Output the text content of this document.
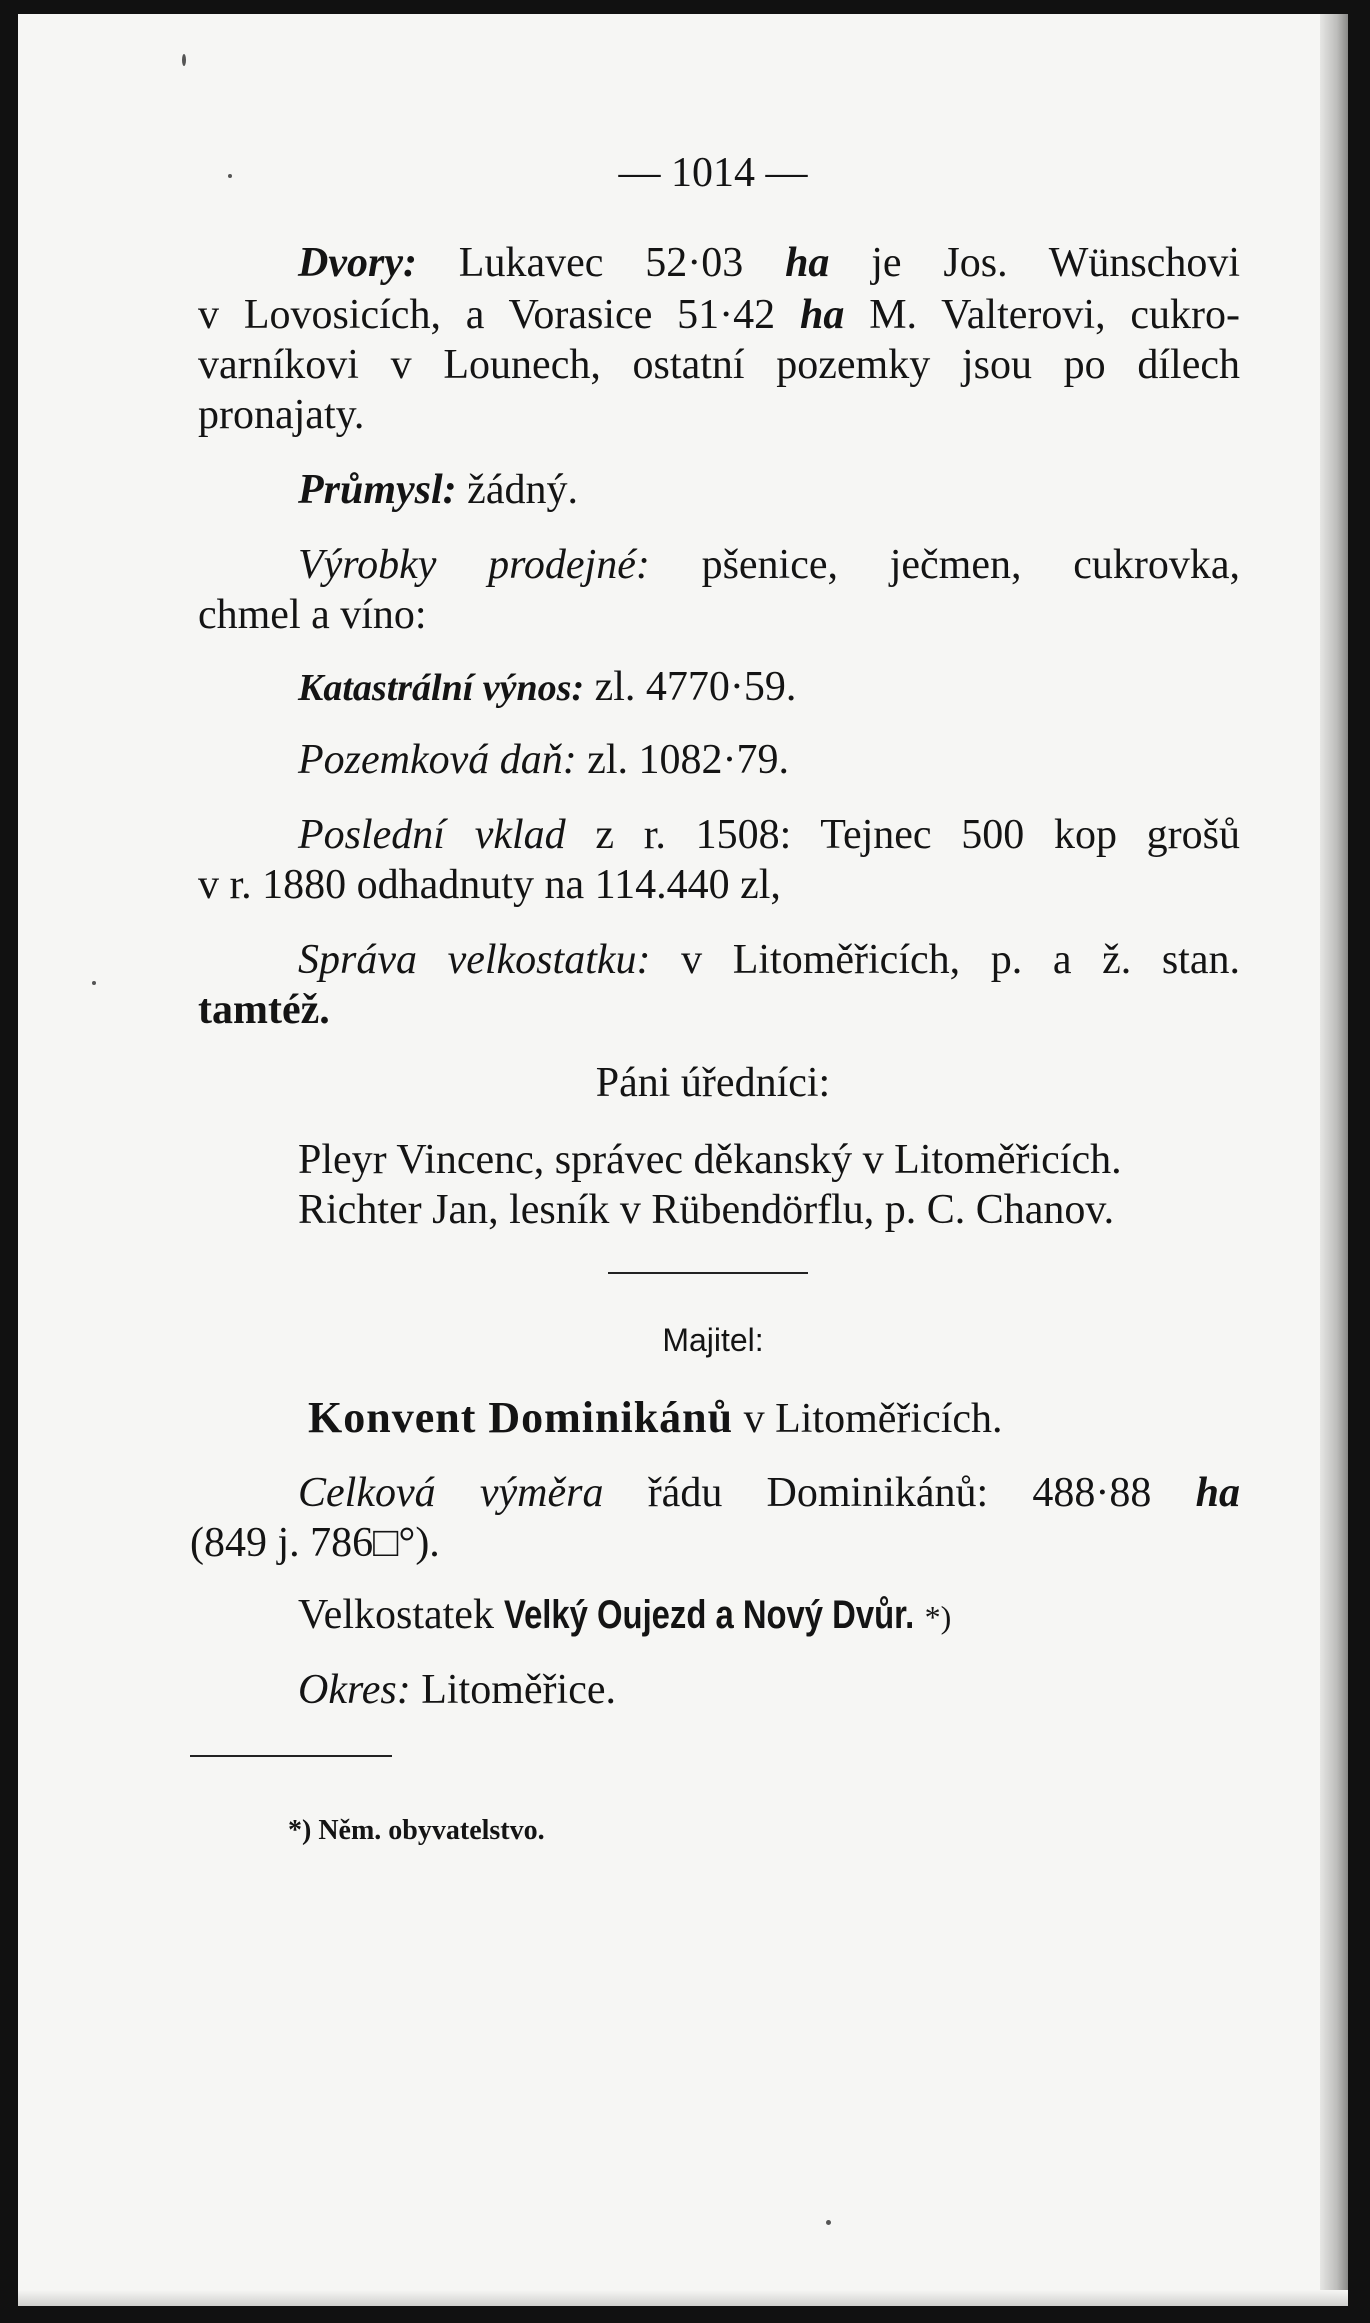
— 1014 —
Dvory: Lukavec 52·03 ha je Jos. Wünschovi
v Lovosicích, a Vorasice 51·42 ha M. Valterovi, cukro-
varníkovi v Lounech, ostatní pozemky jsou po dílech
pronajaty.
Průmysl: žádný.
Výrobky prodejné: pšenice, ječmen, cukrovka,
chmel a víno:
Katastrální výnos: zl. 4770·59.
Pozemková daň: zl. 1082·79.
Poslední vklad z r. 1508: Tejnec 500 kop grošů
v r. 1880 odhadnuty na 114.440 zl,
Správa velkostatku: v Litoměřicích, p. a ž. stan.
tamtéž.
Páni úředníci:
Pleyr Vincenc, správec děkanský v Litoměřicích.
Richter Jan, lesník v Rübendörflu, p. C. Chanov.
Majitel:
Konvent Dominikánů v Litoměřicích.
Celková výměra řádu Dominikánů: 488·88 ha
(849 j. 786□°).
Velkostatek Velký Oujezd a Nový Dvůr. *)
Okres: Litoměřice.
*) Něm. obyvatelstvo.
